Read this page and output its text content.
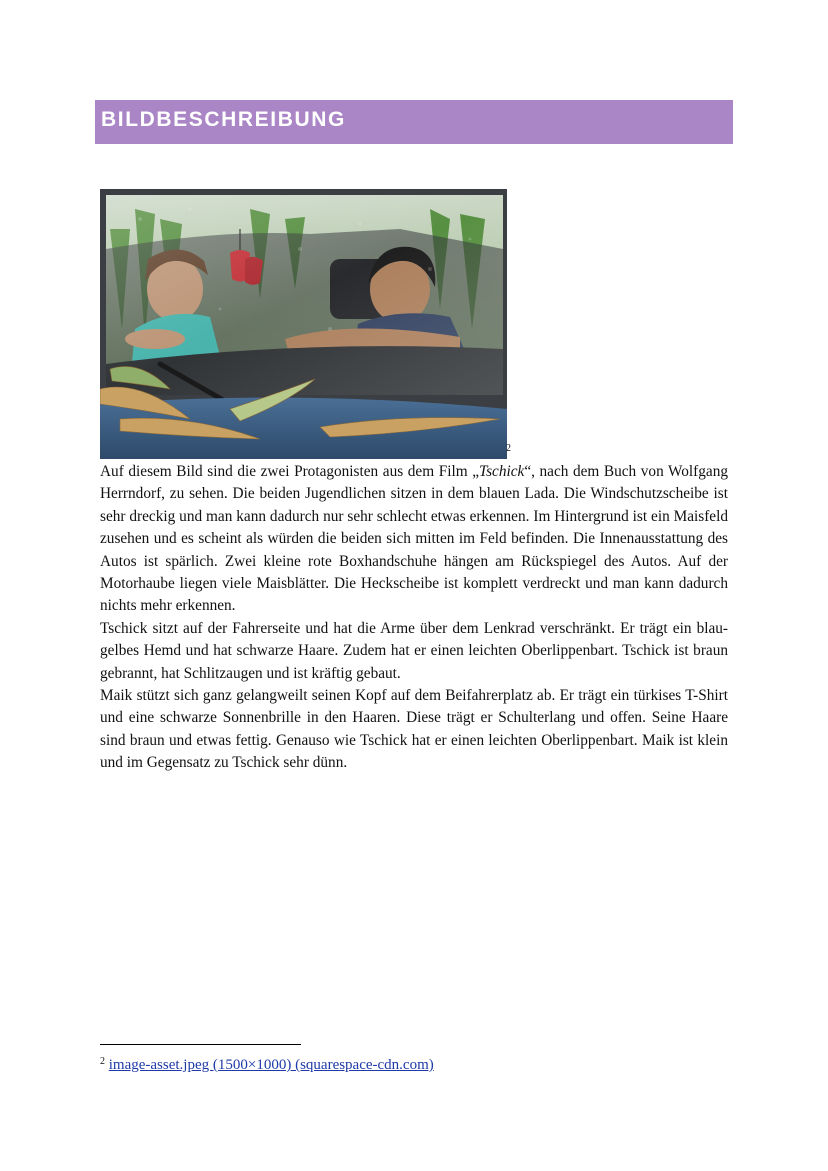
BILDBESCHREIBUNG
2

Auf diesem Bild sind die zwei Protagonisten aus dem Film „Tschick“, nach dem Buch von Wolfgang Herrndorf, zu sehen. Die beiden Jugendlichen sitzen in dem blauen Lada. Die Windschutzscheibe ist sehr dreckig und man kann dadurch nur sehr schlecht etwas erkennen. Im Hintergrund ist ein Maisfeld zusehen und es scheint als würden die beiden sich mitten im Feld befinden. Die Innenausstattung des Autos ist spärlich. Zwei kleine rote Boxhandschuhe hängen am Rückspiegel des Autos. Auf der Motorhaube liegen viele Maisblätter. Die Heckscheibe ist komplett verdreckt und man kann dadurch nichts mehr erkennen.

Tschick sitzt auf der Fahrerseite und hat die Arme über dem Lenkrad verschränkt. Er trägt ein blau-gelbes Hemd und hat schwarze Haare. Zudem hat er einen leichten Oberlippenbart. Tschick ist braun gebrannt, hat Schlitzaugen und ist kräftig gebaut.

Maik stützt sich ganz gelangweilt seinen Kopf auf dem Beifahrerplatz ab. Er trägt ein türkises T-Shirt und eine schwarze Sonnenbrille in den Haaren. Diese trägt er Schulterlang und offen. Seine Haare sind braun und etwas fettig. Genauso wie Tschick hat er einen leichten Oberlippenbart. Maik ist klein und im Gegensatz zu Tschick sehr dünn.

$^2$ image-asset.jpeg (1500×1000) (squarespace-cdn.com)
